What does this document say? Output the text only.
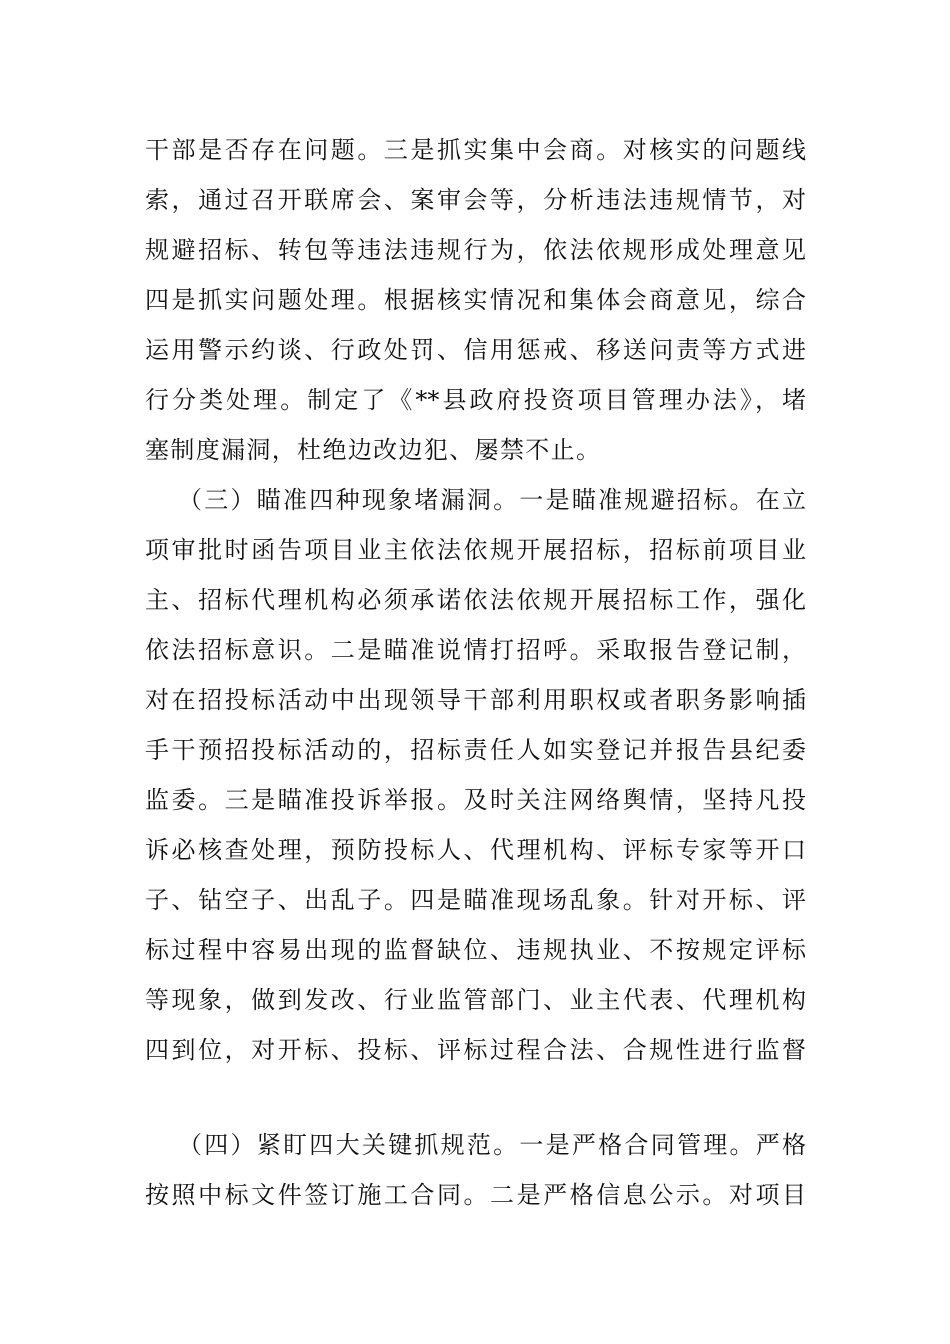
干部是否存在问题。三是抓实集中会商。对核实的问题线
索，通过召开联席会、案审会等，分析违法违规情节，对
规避招标、转包等违法违规行为，依法依规形成处理意见
四是抓实问题处理。根据核实情况和集体会商意见，综合
运用警示约谈、行政处罚、信用惩戒、移送问责等方式进
行分类处理。制定了《**县政府投资项目管理办法》，堵
塞制度漏洞，杜绝边改边犯、屡禁不止。
（三）瞄准四种现象堵漏洞。一是瞄准规避招标。在立
项审批时函告项目业主依法依规开展招标，招标前项目业
主、招标代理机构必须承诺依法依规开展招标工作，强化
依法招标意识。二是瞄准说情打招呼。采取报告登记制，
对在招投标活动中出现领导干部利用职权或者职务影响插
手干预招投标活动的，招标责任人如实登记并报告县纪委
监委。三是瞄准投诉举报。及时关注网络舆情，坚持凡投
诉必核查处理，预防投标人、代理机构、评标专家等开口
子、钻空子、出乱子。四是瞄准现场乱象。针对开标、评
标过程中容易出现的监督缺位、违规执业、不按规定评标
等现象，做到发改、行业监管部门、业主代表、代理机构
四到位，对开标、投标、评标过程合法、合规性进行监督
（四）紧盯四大关键抓规范。一是严格合同管理。严格
按照中标文件签订施工合同。二是严格信息公示。对项目
